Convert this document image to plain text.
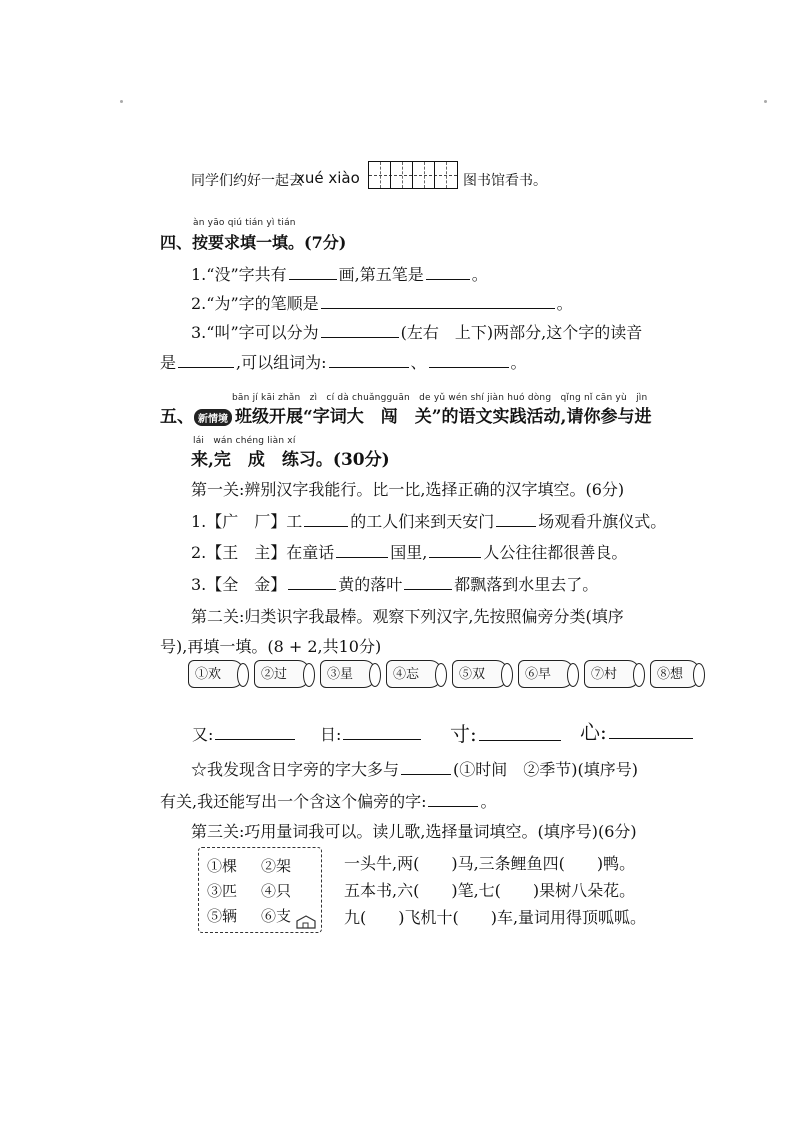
同学们约好一起去
xué xiào	图书馆看书。
àn yāo qiú tián yì tián
四、按要求填一填。(7分)
1.“没”字共有	画,第五笔是	。
2.“为”字的笔顺是	。
3.“叫”字可以分为	(左右　上下)两部分,这个字的读音
是	,可以组词为:	、	。
bān jí kāi zhǎn　zì　cí dà chuǎngguān　de yǔ wén shí jiàn huó dòng　qǐng nǐ cān yù　jìn
五、 新情境 班级开展“字词大　闯　关”的语文实践活动,请你参与进
lái　wán chéng liàn xí
来,完　成　练习。(30分)
第一关:辨别汉字我能行。比一比,选择正确的汉字填空。(6分)
1.【广　厂】工	的工人们来到天安门	场观看升旗仪式。
2.【王　主】在童话	国里,	人公往往都很善良。
3.【全　金】	黄的落叶	都飘落到水里去了。
第二关:归类识字我最棒。观察下列汉字,先按照偏旁分类(填序
号),再填一填。(8 + 2,共10分)
①欢	②过	③星	④忘	⑤双	⑥早	⑦村	⑧想
又:	日:	寸:	心:
☆我发现含日字旁的字大多与	(①时间　②季节)(填序号)
有关,我还能写出一个含这个偏旁的字:	。
第三关:巧用量词我可以。读儿歌,选择量词填空。(填序号)(6分)
①棵 ②架
③匹 ④只
⑤辆 ⑥支
一头牛,两(　　)马,三条鲤鱼四(　　)鸭。
五本书,六(　　)笔,七(　　)果树八朵花。
九(　　)飞机十(　　)车,量词用得顶呱呱。
